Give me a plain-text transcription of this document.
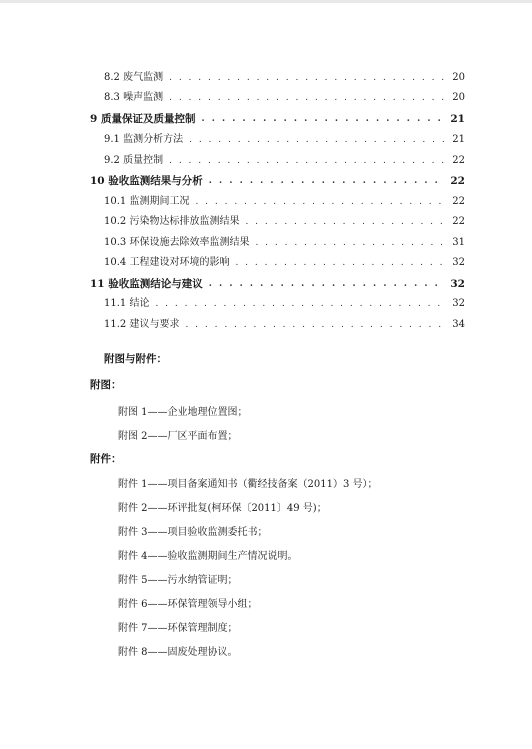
8.2 废气监测 . . .	20
8.3 噪声监测 . . .	20
9 质量保证及质量控制 . . .	21
9.1 监测分析方法 . . .	21
9.2 质量控制 . . .	22
10 验收监测结果与分析 . . .	22
10.1 监测期间工况 . . .	22
10.2 污染物达标排放监测结果 . . .	22
10.3 环保设施去除效率监测结果 . . .	31
10.4 工程建设对环境的影响 . . .	32
11 验收监测结论与建议 . . .	32
11.1 结论 . . .	32
11.2 建议与要求 . . .	34
附图与附件：
附图：
附图 1——企业地理位置图；
附图 2——厂区平面布置；
附件：
附件 1——项目备案通知书（衢经技备案（2011）3 号）；
附件 2——环评批复(柯环保〔2011〕49 号)；
附件 3——项目验收监测委托书；
附件 4——验收监测期间生产情况说明。
附件 5——污水纳管证明；
附件 6——环保管理领导小组；
附件 7——环保管理制度；
附件 8——固废处理协议。
